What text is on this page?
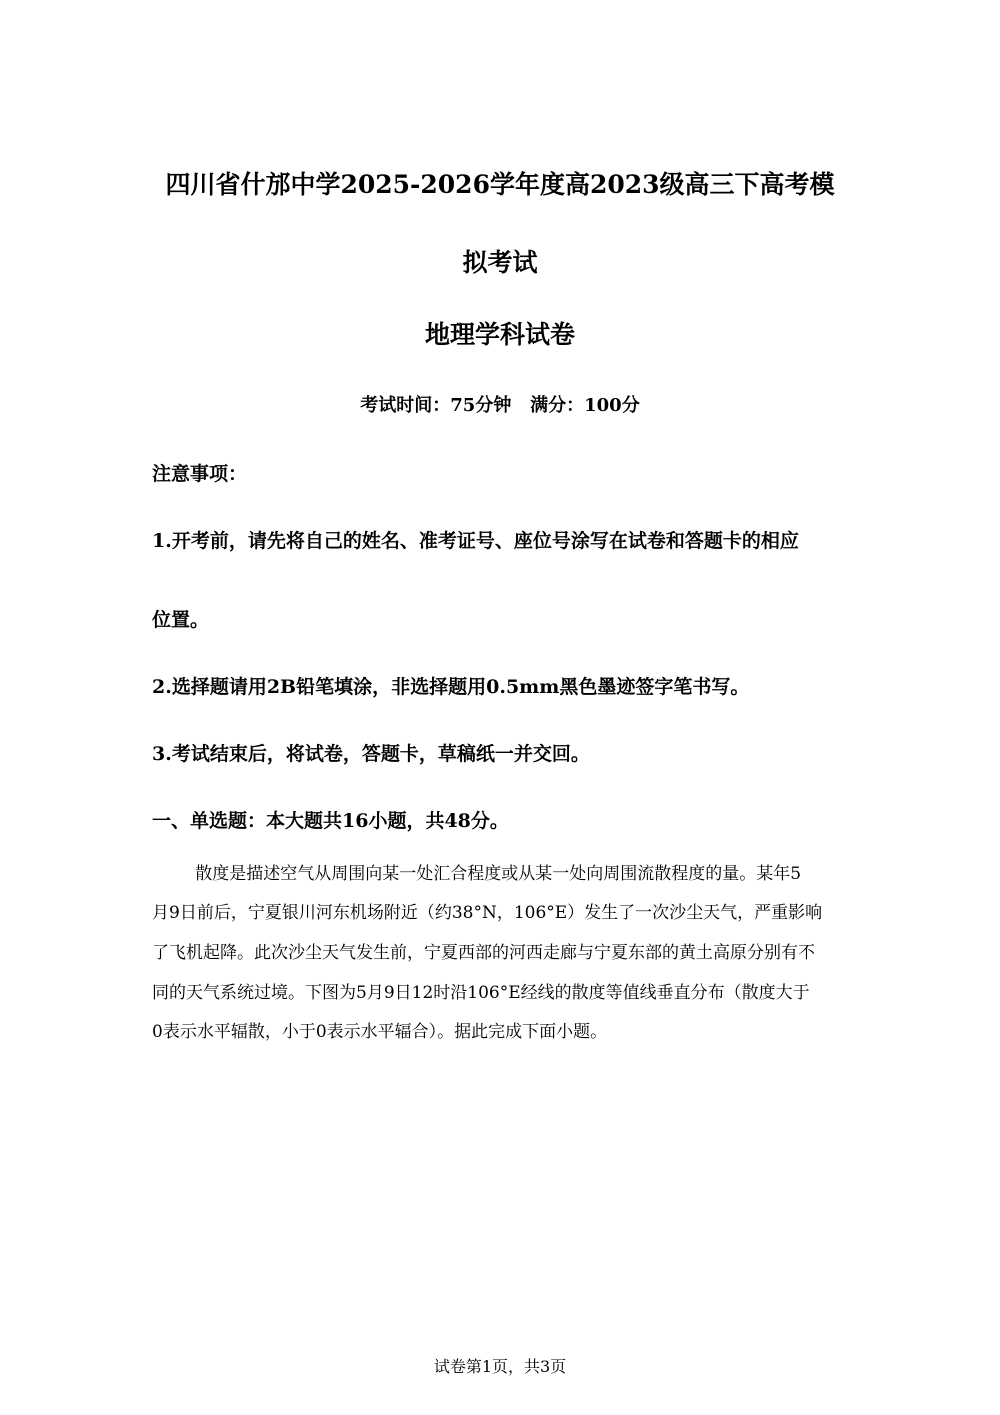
四川省什邡中学2025-2026学年度高2023级高三下高考模
拟考试
地理学科试卷
考试时间：75分钟   满分：100分
注意事项：
1.开考前，请先将自己的姓名、准考证号、座位号涂写在试卷和答题卡的相应
位置。
2.选择题请用2B铅笔填涂，非选择题用0.5mm黑色墨迹签字笔书写。
3.考试结束后，将试卷，答题卡，草稿纸一并交回。
一、单选题：本大题共16小题，共48分。
散度是描述空气从周围向某一处汇合程度或从某一处向周围流散程度的量。某年5
月9日前后，宁夏银川河东机场附近（约38°N，106°E）发生了一次沙尘天气，严重影响
了飞机起降。此次沙尘天气发生前，宁夏西部的河西走廊与宁夏东部的黄土高原分别有不
同的天气系统过境。下图为5月9日12时沿106°E经线的散度等值线垂直分布（散度大于
0表示水平辐散，小于0表示水平辐合）。据此完成下面小题。
试卷第1页，共3页
